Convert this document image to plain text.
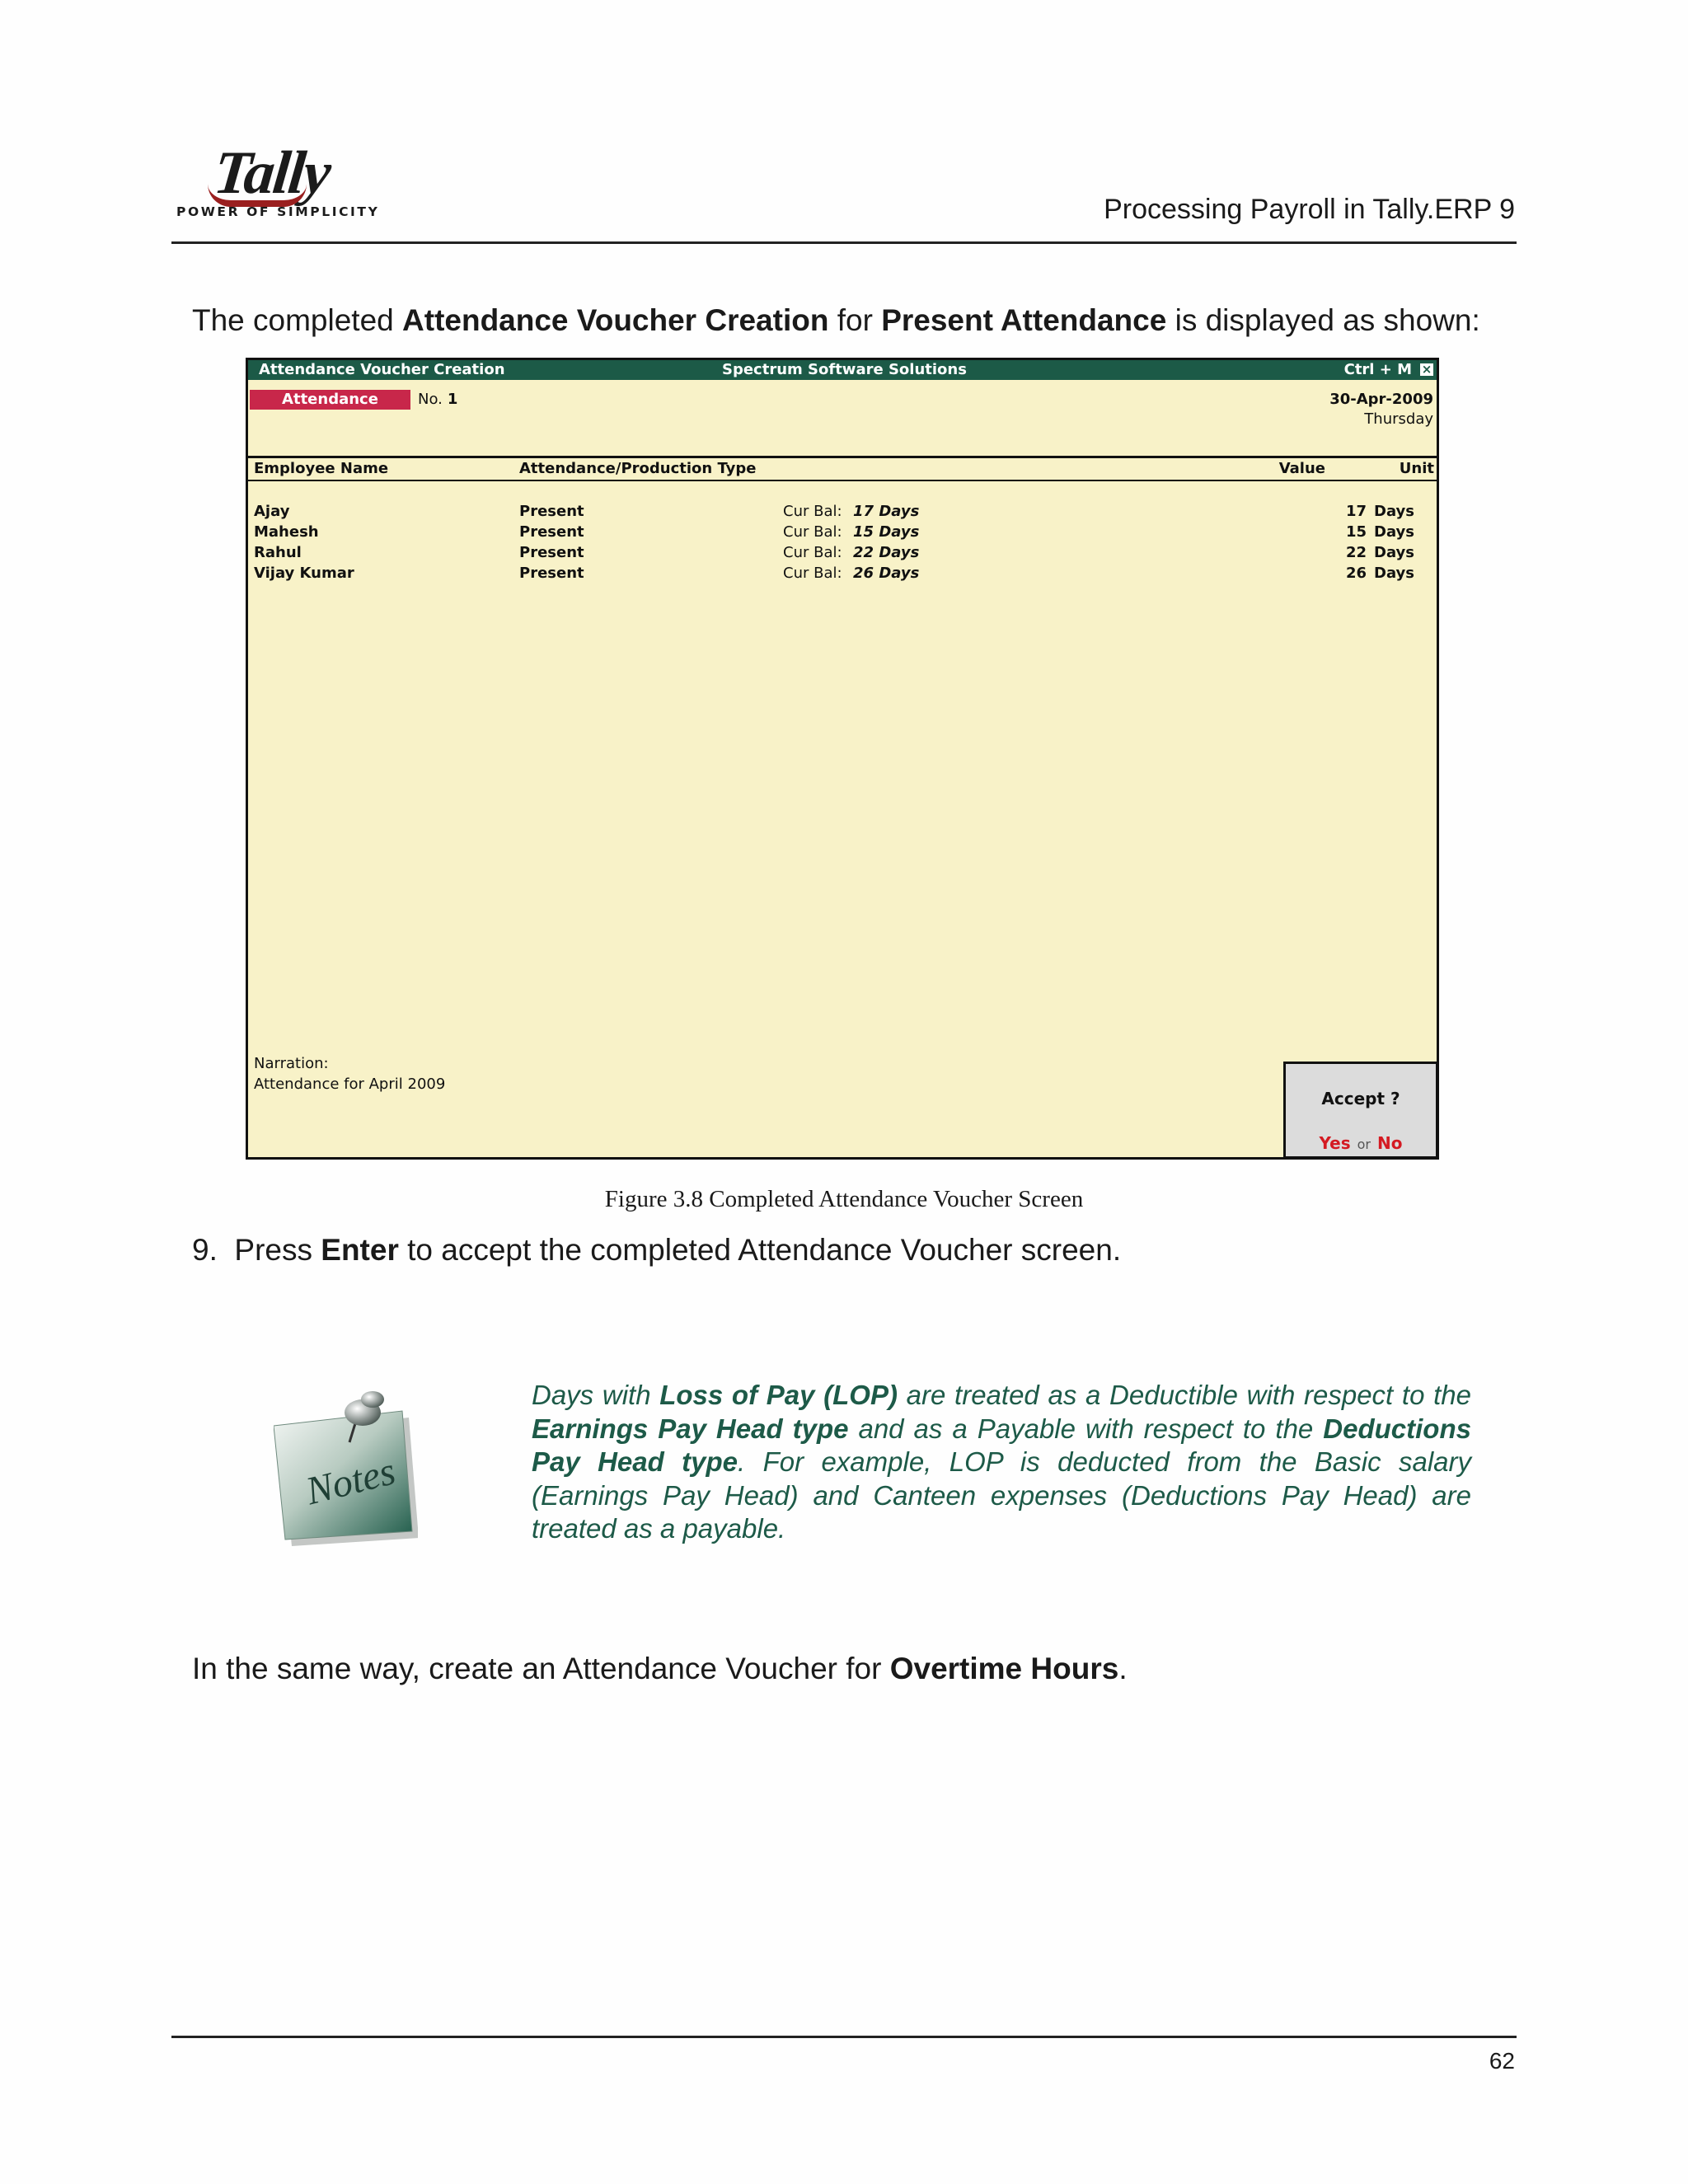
Tally
POWER OF SIMPLICITY	Processing Payroll in Tally.ERP 9
The completed Attendance Voucher Creation for Present Attendance is displayed as shown:
Attendance Voucher Creation	Spectrum Software Solutions	Ctrl + M ×
Attendance	No. 1	30-Apr-2009
Thursday
Employee Name	Attendance/Production Type	Value	Unit
Ajay	Present	Cur Bal: 17 Days	17 Days
Mahesh	Present	Cur Bal: 15 Days	15 Days
Rahul	Present	Cur Bal: 22 Days	22 Days
Vijay Kumar	Present	Cur Bal: 26 Days	26 Days
Narration:
Attendance for April 2009
Accept ?
Yes or No
Figure 3.8 Completed Attendance Voucher Screen
9. Press Enter to accept the completed Attendance Voucher screen.
Notes
Days with Loss of Pay (LOP) are treated as a Deductible with respect to the Earnings Pay Head type and as a Payable with respect to the Deductions Pay Head type. For example, LOP is deducted from the Basic salary (Earnings Pay Head) and Canteen expenses (Deductions Pay Head) are treated as a payable.
In the same way, create an Attendance Voucher for Overtime Hours.
62
